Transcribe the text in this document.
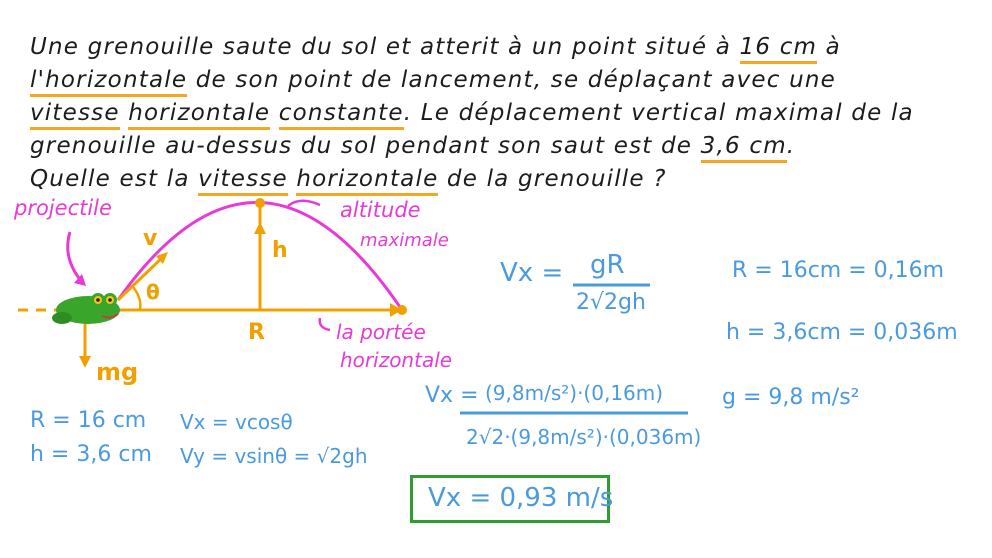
Une grenouille saute du sol et atterit à un point situé à 16 cm à
l'horizontale de son point de lancement, se déplaçant avec une
vitesse horizontale constante. Le déplacement vertical maximal de la
grenouille au-dessus du sol pendant son saut est de 3,6 cm.
Quelle est la vitesse horizontale de la grenouille ?
projectile
v
θ
h
R
altitude
maximale
la portée
horizontale
mg
Vx = gR
2√2gh
R = 16cm = 0,16m
h = 3,6cm = 0,036m
g = 9,8 m/s²
Vx = (9,8m/s²)·(0,16m)
2√2·(9,8m/s²)·(0,036m)
Vx = 0,93 m/s
R = 16 cm
h = 3,6 cm
Vx = vcosθ
Vy = vsinθ = √2gh
